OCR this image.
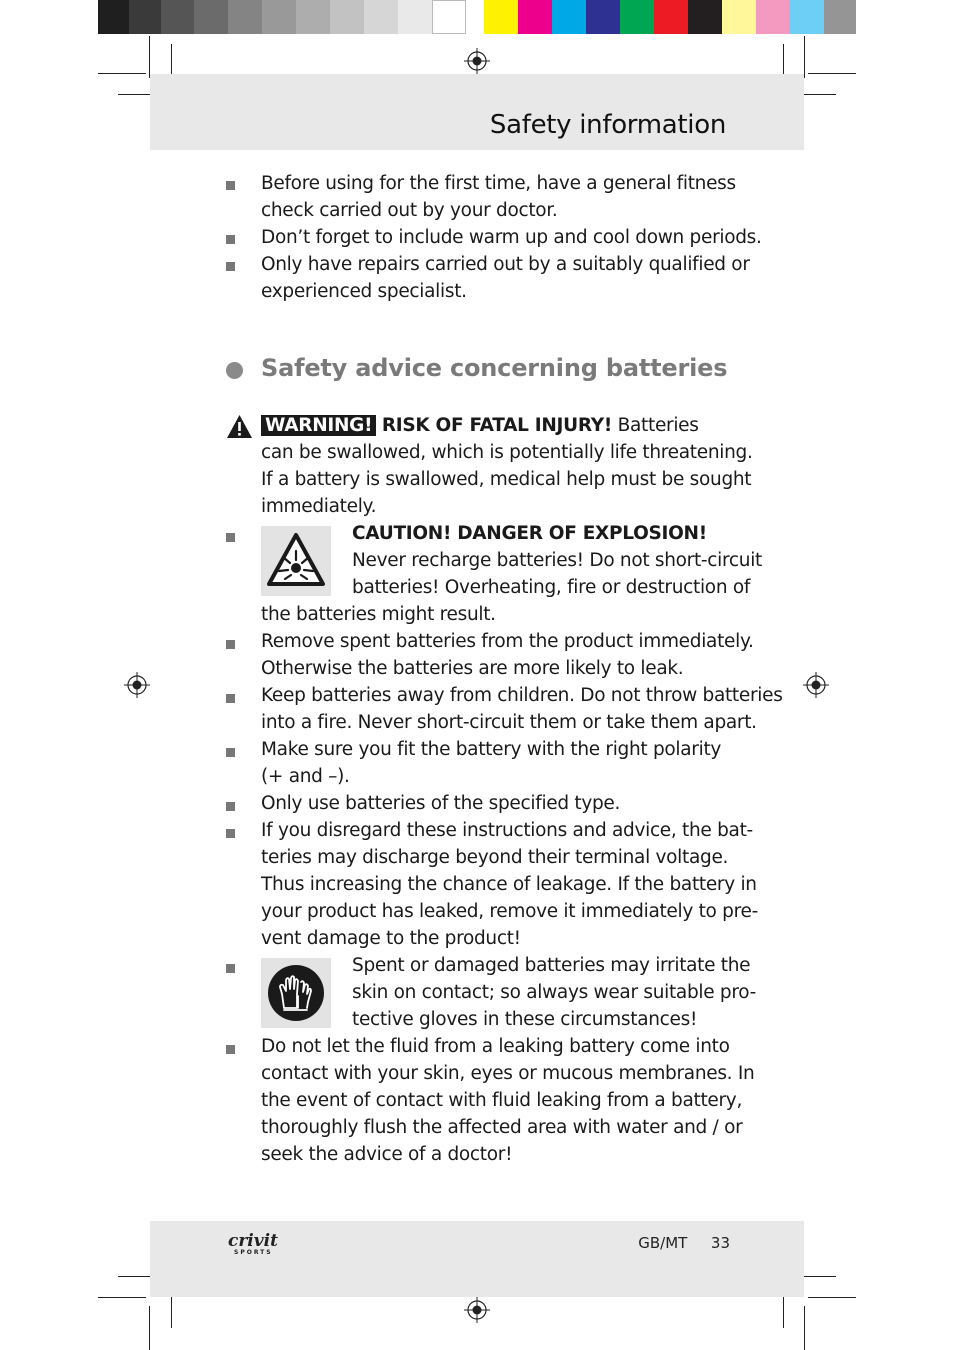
Safety information
Before using for the first time, have a general fitness
check carried out by your doctor.
Don’t forget to include warm up and cool down periods.
Only have repairs carried out by a suitably qualified or
experienced specialist.
Safety advice concerning batteries
WARNING! RISK OF FATAL INJURY! Batteries
can be swallowed, which is potentially life threatening.
If a battery is swallowed, medical help must be sought
immediately.
CAUTION! DANGER OF EXPLOSION!
Never recharge batteries! Do not short-circuit
batteries! Overheating, fire or destruction of
the batteries might result.
Remove spent batteries from the product immediately.
Otherwise the batteries are more likely to leak.
Keep batteries away from children. Do not throw batteries
into a fire. Never short-circuit them or take them apart.
Make sure you fit the battery with the right polarity
(+ and –).
Only use batteries of the specified type.
If you disregard these instructions and advice, the bat-
teries may discharge beyond their terminal voltage.
Thus increasing the chance of leakage. If the battery in
your product has leaked, remove it immediately to pre-
vent damage to the product!
Spent or damaged batteries may irritate the
skin on contact; so always wear suitable pro-
tective gloves in these circumstances!
Do not let the fluid from a leaking battery come into
contact with your skin, eyes or mucous membranes. In
the event of contact with fluid leaking from a battery,
thoroughly flush the affected area with water and / or
seek the advice of a doctor!
crivit
SPORTS
GB/MT 33
